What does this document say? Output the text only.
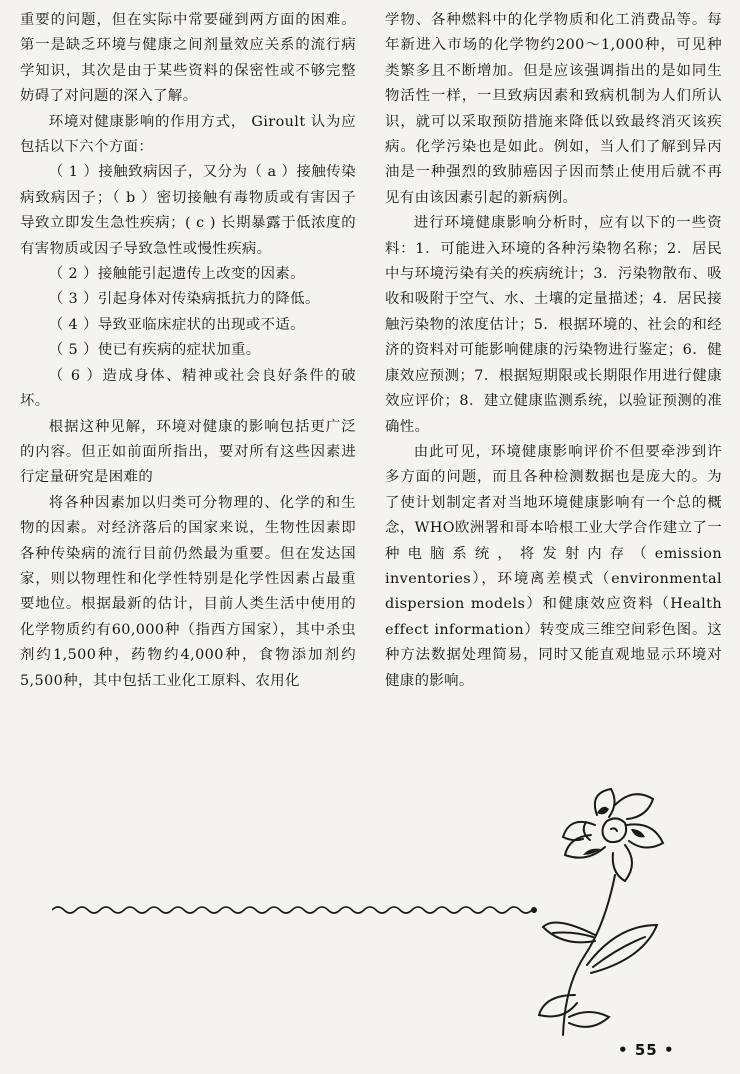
重要的问题，但在实际中常要碰到两方面的困难。第一是缺乏环境与健康之间剂量效应关系的流行病学知识，其次是由于某些资料的保密性或不够完整妨碍了对问题的深入了解。

环境对健康影响的作用方式， Giroult 认为应包括以下六个方面：

（ 1 ）接触致病因子，又分为（ a ）接触传染病致病因子；（ b ）密切接触有毒物质或有害因子导致立即发生急性疾病；( c ) 长期暴露于低浓度的有害物质或因子导致急性或慢性疾病。

（ 2 ）接触能引起遗传上改变的因素。

（ 3 ）引起身体对传染病抵抗力的降低。

（ 4 ）导致亚临床症状的出现或不适。

（ 5 ）使已有疾病的症状加重。

（ 6 ）造成身体、精神或社会良好条件的破坏。

根据这种见解，环境对健康的影响包括更广泛的内容。但正如前面所指出，要对所有这些因素进行定量研究是困难的

将各种因素加以归类可分物理的、化学的和生物的因素。对经济落后的国家来说，生物性因素即各种传染病的流行目前仍然最为重要。但在发达国家，则以物理性和化学性特别是化学性因素占最重要地位。根据最新的估计，目前人类生活中使用的化学物质约有60,000种（指西方国家），其中杀虫剂约1,500种，药物约4,000种，食物添加剂约5,500种，其中包括工业化工原料、农用化

学物、各种燃料中的化学物质和化工消费品等。每年新进入市场的化学物约200～1,000种，可见种类繁多且不断增加。但是应该强调指出的是如同生物活性一样，一旦致病因素和致病机制为人们所认识，就可以采取预防措施来降低以致最终消灭该疾病。化学污染也是如此。例如，当人们了解到异丙油是一种强烈的致肺癌因子因而禁止使用后就不再见有由该因素引起的新病例。

进行环境健康影响分析时，应有以下的一些资料：1．可能进入环境的各种污染物名称；2．居民中与环境污染有关的疾病统计；3．污染物散布、吸收和吸附于空气、水、土壤的定量描述；4．居民接触污染物的浓度估计；5．根据环境的、社会的和经济的资料对可能影响健康的污染物进行鉴定；6．健康效应预测；7．根据短期限或长期限作用进行健康效应评价；8．建立健康监测系统，以验证预测的准确性。

由此可见，环境健康影响评价不但要牵涉到许多方面的问题，而且各种检测数据也是庞大的。为了使计划制定者对当地环境健康影响有一个总的概念，WHO欧洲署和哥本哈根工业大学合作建立了一种电脑系统，将发射内存（emission inventories），环境离差模式（environmental dispersion models）和健康效应资料（Health effect information）转变成三维空间彩色图。这种方法数据处理简易，同时又能直观地显示环境对健康的影响。

• 55 •
